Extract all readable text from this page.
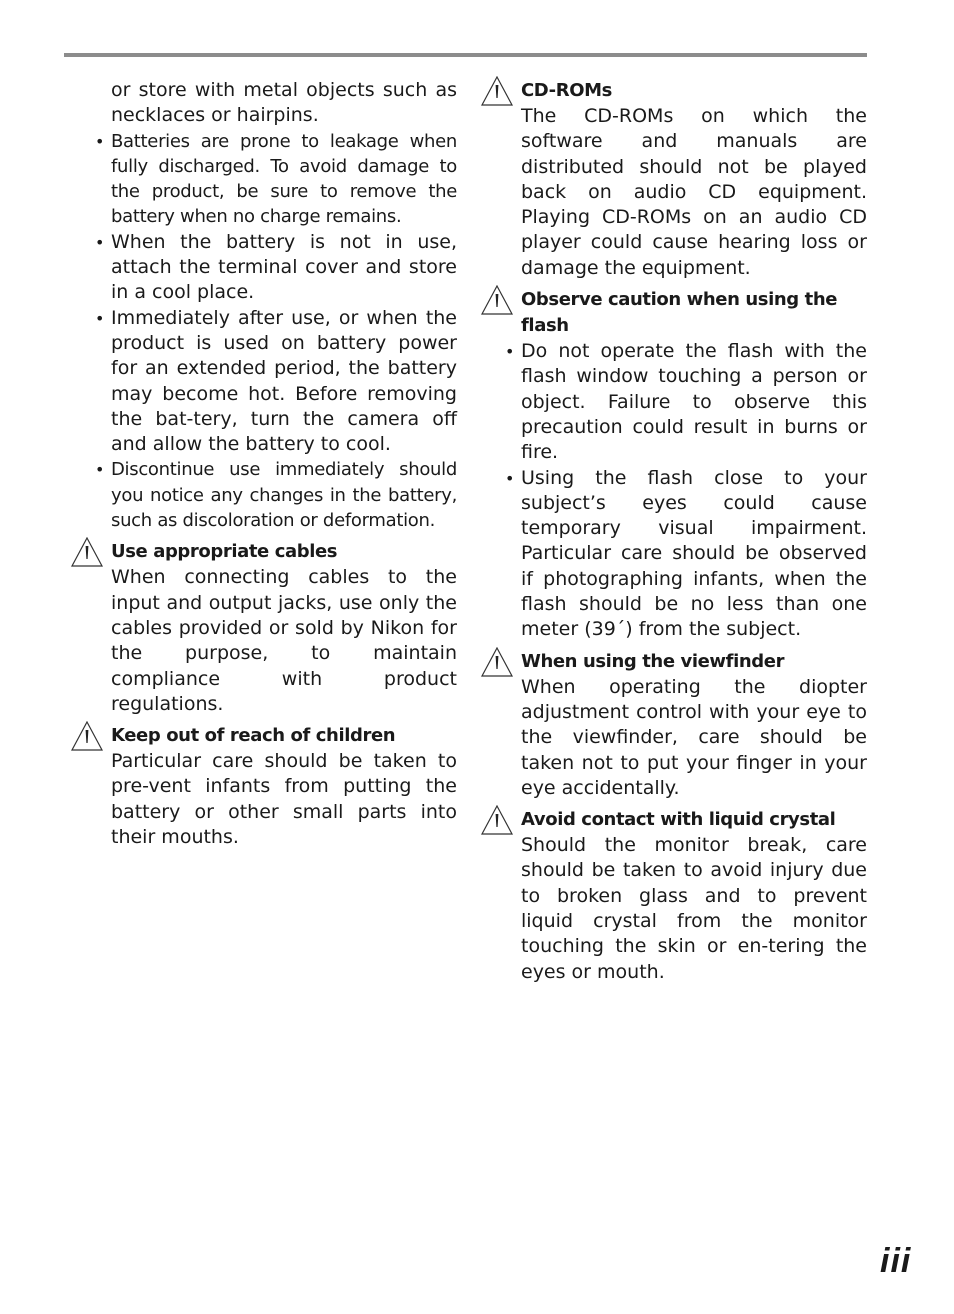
or store with metal objects such as necklaces or hairpins.
• Batteries are prone to leakage when fully discharged. To avoid damage to the product, be sure to remove the battery when no charge remains.
• When the battery is not in use, attach the terminal cover and store in a cool place.
• Immediately after use, or when the product is used on battery power for an extended period, the battery may become hot. Before removing the bat-tery, turn the camera off and allow the battery to cool.
• Discontinue use immediately should you notice any changes in the battery, such as discoloration or deformation.
Use appropriate cables
When connecting cables to the input and output jacks, use only the cables provided or sold by Nikon for the purpose, to maintain compliance with product regulations.
Keep out of reach of children
Particular care should be taken to pre-vent infants from putting the battery or other small parts into their mouths.
CD-ROMs
The CD-ROMs on which the software and manuals are distributed should not be played back on audio CD equipment. Playing CD-ROMs on an audio CD player could cause hearing loss or damage the equipment.
Observe caution when using the flash
• Do not operate the flash with the flash window touching a person or object. Failure to observe this precaution could result in burns or fire.
• Using the flash close to your subject’s eyes could cause temporary visual impairment. Particular care should be observed if photographing infants, when the flash should be no less than one meter (39´) from the subject.
When using the viewfinder
When operating the diopter adjustment control with your eye to the viewfinder, care should be taken not to put your finger in your eye accidentally.
Avoid contact with liquid crystal
Should the monitor break, care should be taken to avoid injury due to broken glass and to prevent liquid crystal from the monitor touching the skin or en-tering the eyes or mouth.
iii
